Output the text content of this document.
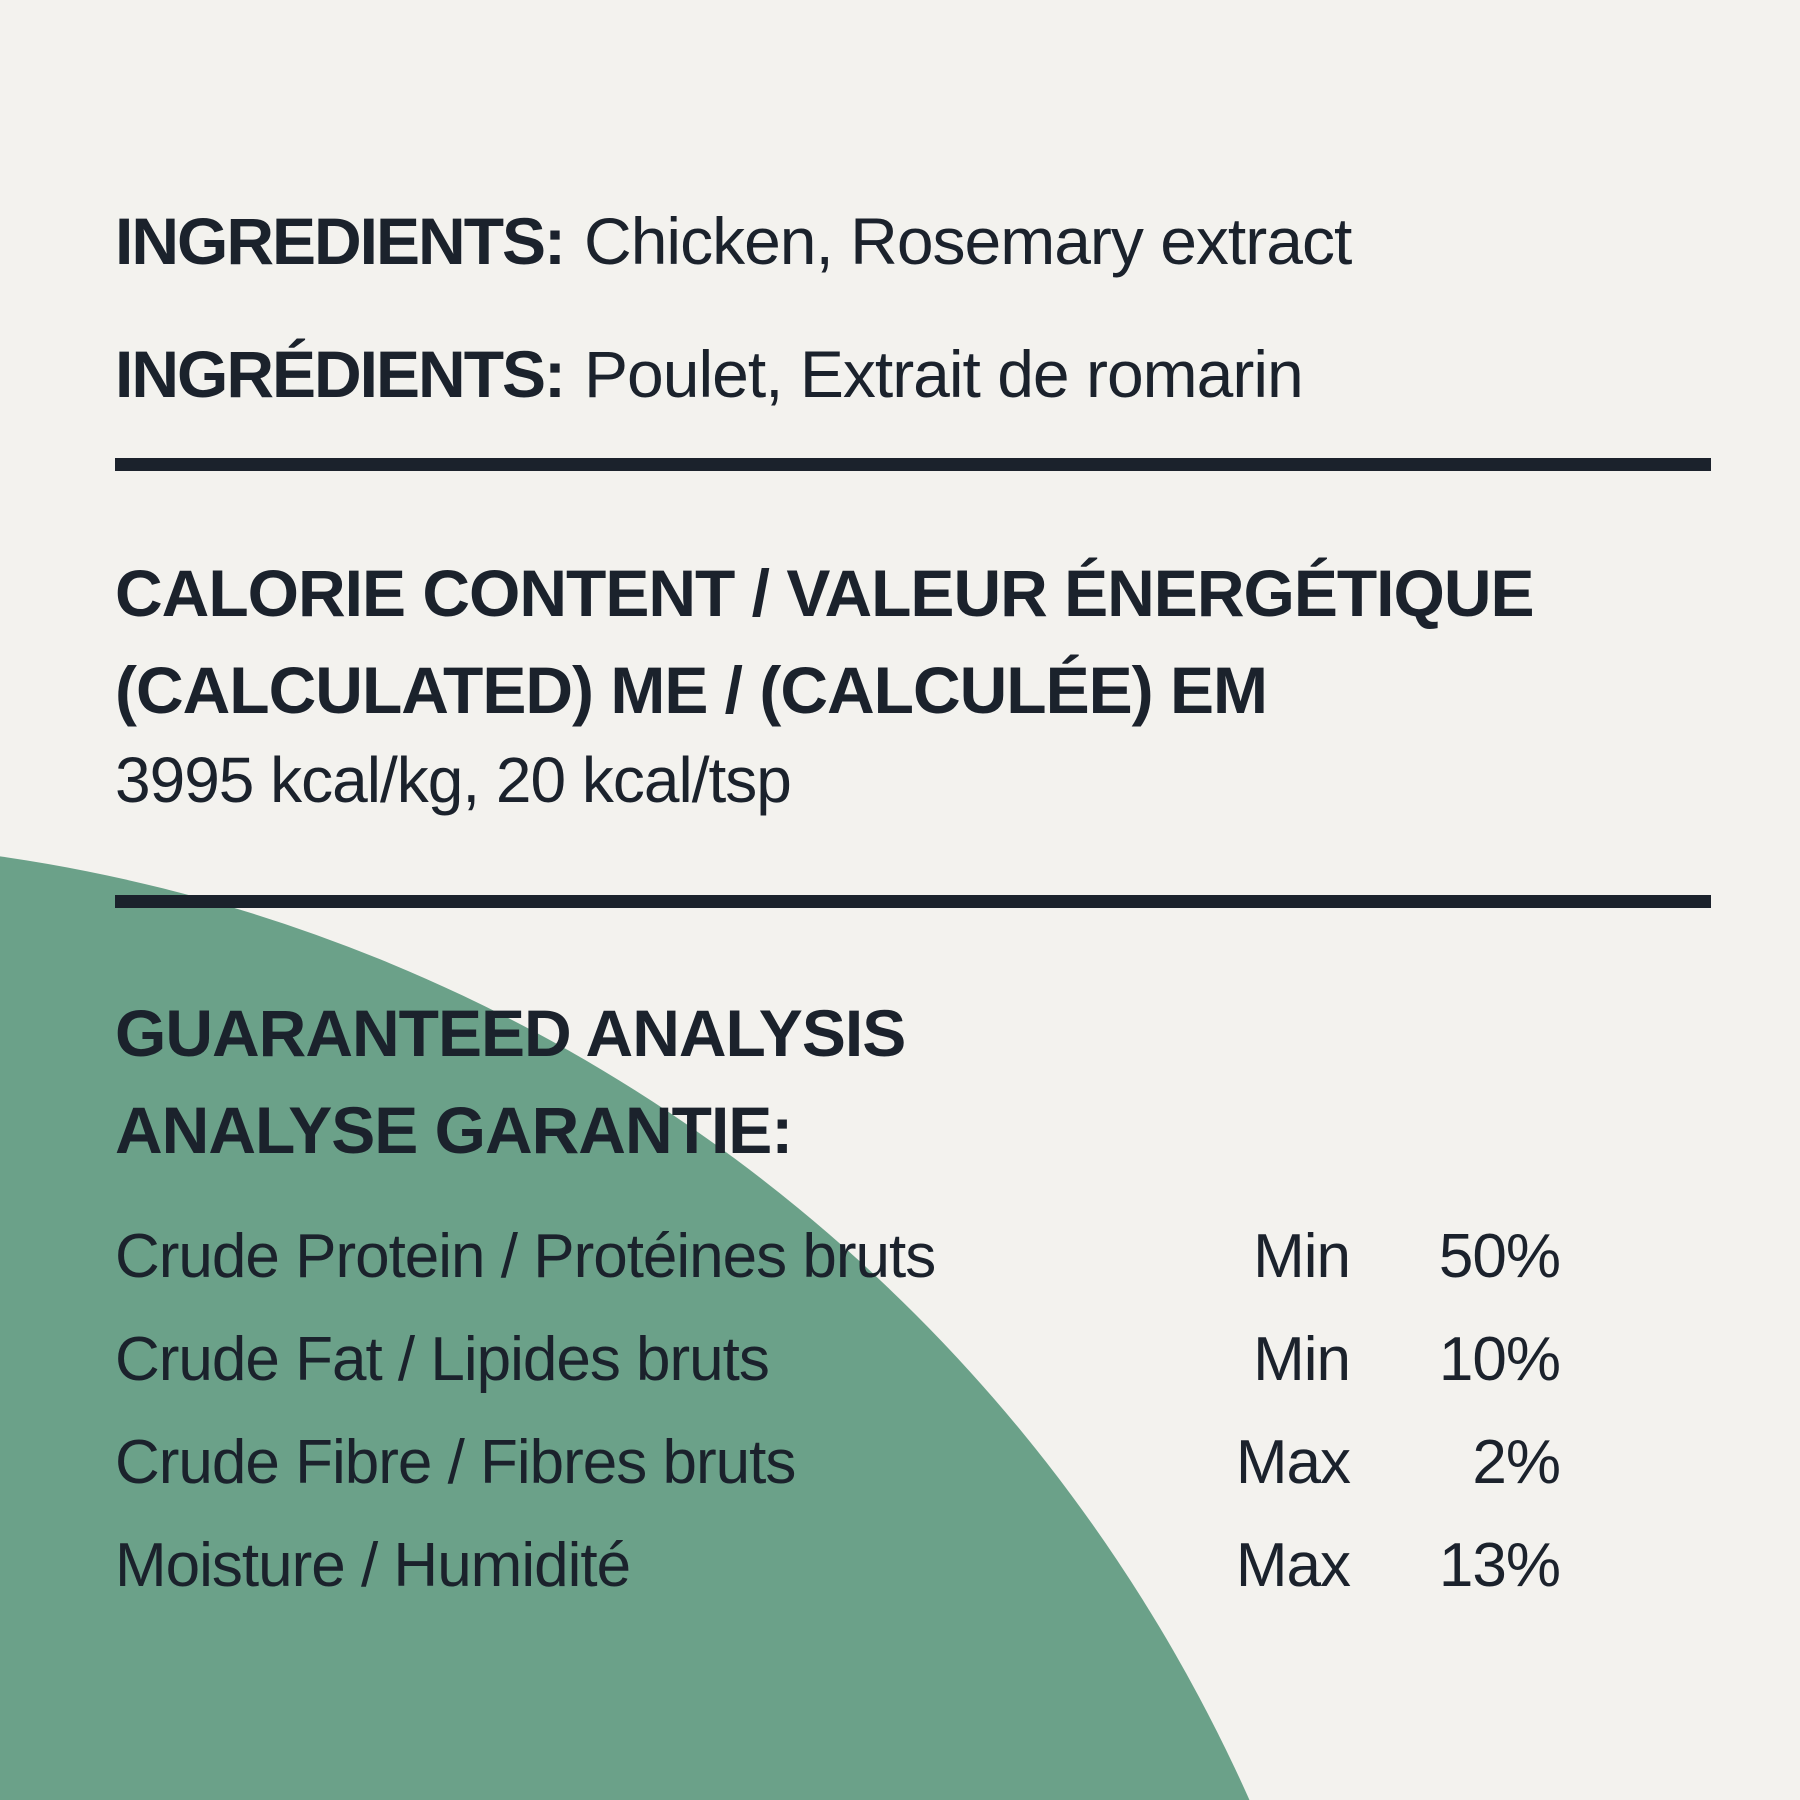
INGREDIENTS: Chicken, Rosemary extract
INGRÉDIENTS: Poulet, Extrait de romarin
CALORIE CONTENT / VALEUR ÉNERGÉTIQUE
(CALCULATED) ME / (CALCULÉE) EM
3995 kcal/kg, 20 kcal/tsp
GUARANTEED ANALYSIS
ANALYSE GARANTIE:
Crude Protein / Protéines bruts	Min	50%
Crude Fat / Lipides bruts	Min	10%
Crude Fibre / Fibres bruts	Max	2%
Moisture / Humidité	Max	13%
